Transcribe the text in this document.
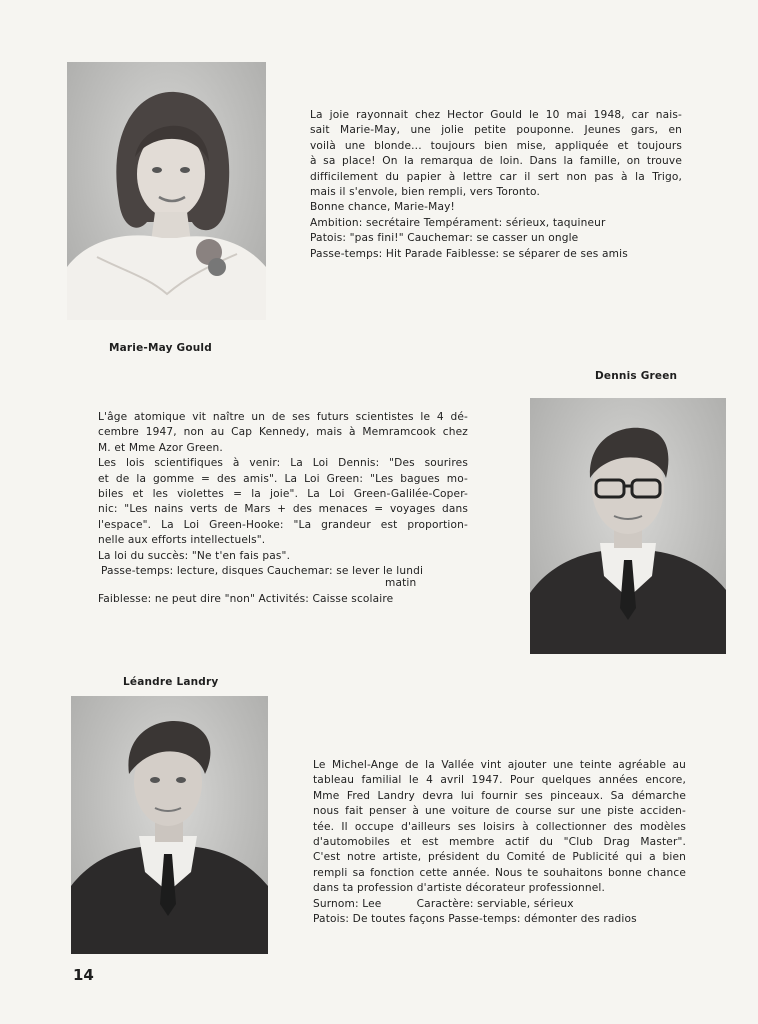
La joie rayonnait chez Hector Gould le 10 mai 1948, car nais-

sait Marie-May, une jolie petite pouponne. Jeunes gars, en

voilà une blonde... toujours bien mise, appliquée et toujours

à sa place! On la remarqua de loin. Dans la famille, on trouve

difficilement du papier à lettre car il sert non pas à la Trigo,

mais il s'envole, bien rempli, vers Toronto.

Bonne chance, Marie-May!

Ambition: secrétaire Tempérament: sérieux, taquineur

Patois: "pas fini!" Cauchemar: se casser un ongle

Passe-temps: Hit Parade Faiblesse: se séparer de ses amis

Marie-May Gould
Dennis Green

L'âge atomique vit naître un de ses futurs scientistes le 4 dé-

cembre 1947, non au Cap Kennedy, mais à Memramcook chez

M. et Mme Azor Green.

Les lois scientifiques à venir: La Loi Dennis: "Des sourires

et de la gomme = des amis". La Loi Green: "Les bagues mo-

biles et les violettes = la joie". La Loi Green-Galilée-Coper-

nic: "Les nains verts de Mars + des menaces = voyages dans

l'espace". La Loi Green-Hooke: "La grandeur est proportion-

nelle aux efforts intellectuels".

La loi du succès: "Ne t'en fais pas".

Passe-temps: lecture, disques Cauchemar: se lever le lundi

matin

Faiblesse: ne peut dire "non" Activités: Caisse scolaire

Léandre Landry

Le Michel-Ange de la Vallée vint ajouter une teinte agréable au

tableau familial le 4 avril 1947. Pour quelques années encore,

Mme Fred Landry devra lui fournir ses pinceaux. Sa démarche

nous fait penser à une voiture de course sur une piste acciden-

tée. Il occupe d'ailleurs ses loisirs à collectionner des modèles

d'automobiles et est membre actif du "Club Drag Master".

C'est notre artiste, président du Comité de Publicité qui a bien

rempli sa fonction cette année. Nous te souhaitons bonne chance

dans ta profession d'artiste décorateur professionnel.

Surnom: Lee          Caractère: serviable, sérieux

Patois: De toutes façons Passe-temps: démonter des radios

14
